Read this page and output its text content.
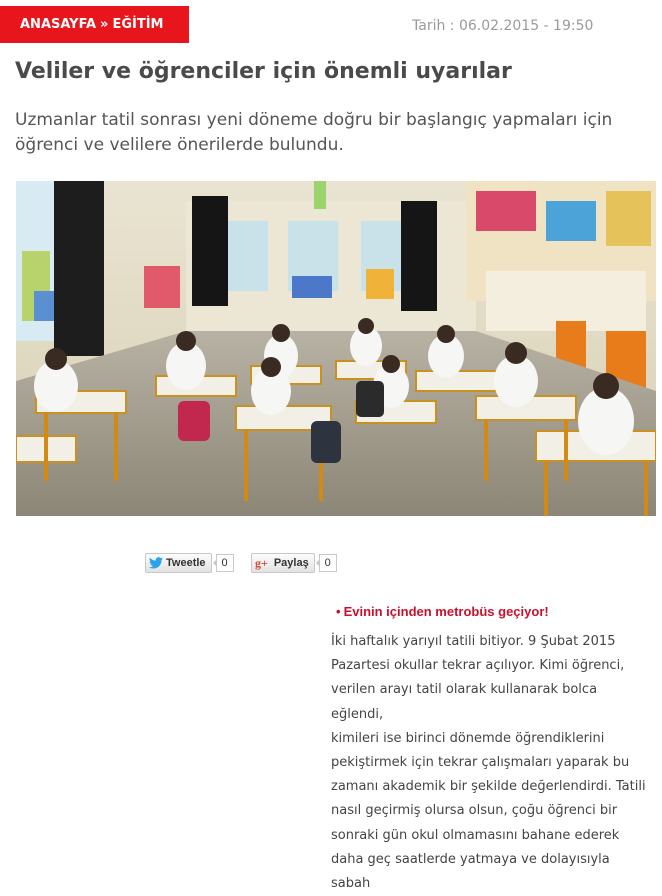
ANASAYFA » EĞİTİM	Tarih : 06.02.2015 - 19:50
Veliler ve öğrenciler için önemli uyarılar

Uzmanlar tatil sonrası yeni döneme doğru bir başlangıç yapmaları için öğrenci ve velilere önerilerde bulundu.

Tweetle	0	g+ Paylaş	0
• Evinin içinden metrobüs geçiyor!
İki haftalık yarıyıl tatili bitiyor. 9 Şubat 2015
Pazartesi okullar tekrar açılıyor. Kimi öğrenci,
verilen arayı tatil olarak kullanarak bolca eğlendi,
kimileri ise birinci dönemde öğrendiklerini
pekiştirmek için tekrar çalışmaları yaparak bu
zamanı akademik bir şekilde değerlendirdi. Tatili
nasıl geçirmiş olursa olsun, çoğu öğrenci bir
sonraki gün okul olmamasını bahane ederek
daha geç saatlerde yatmaya ve dolayısıyla sabah
